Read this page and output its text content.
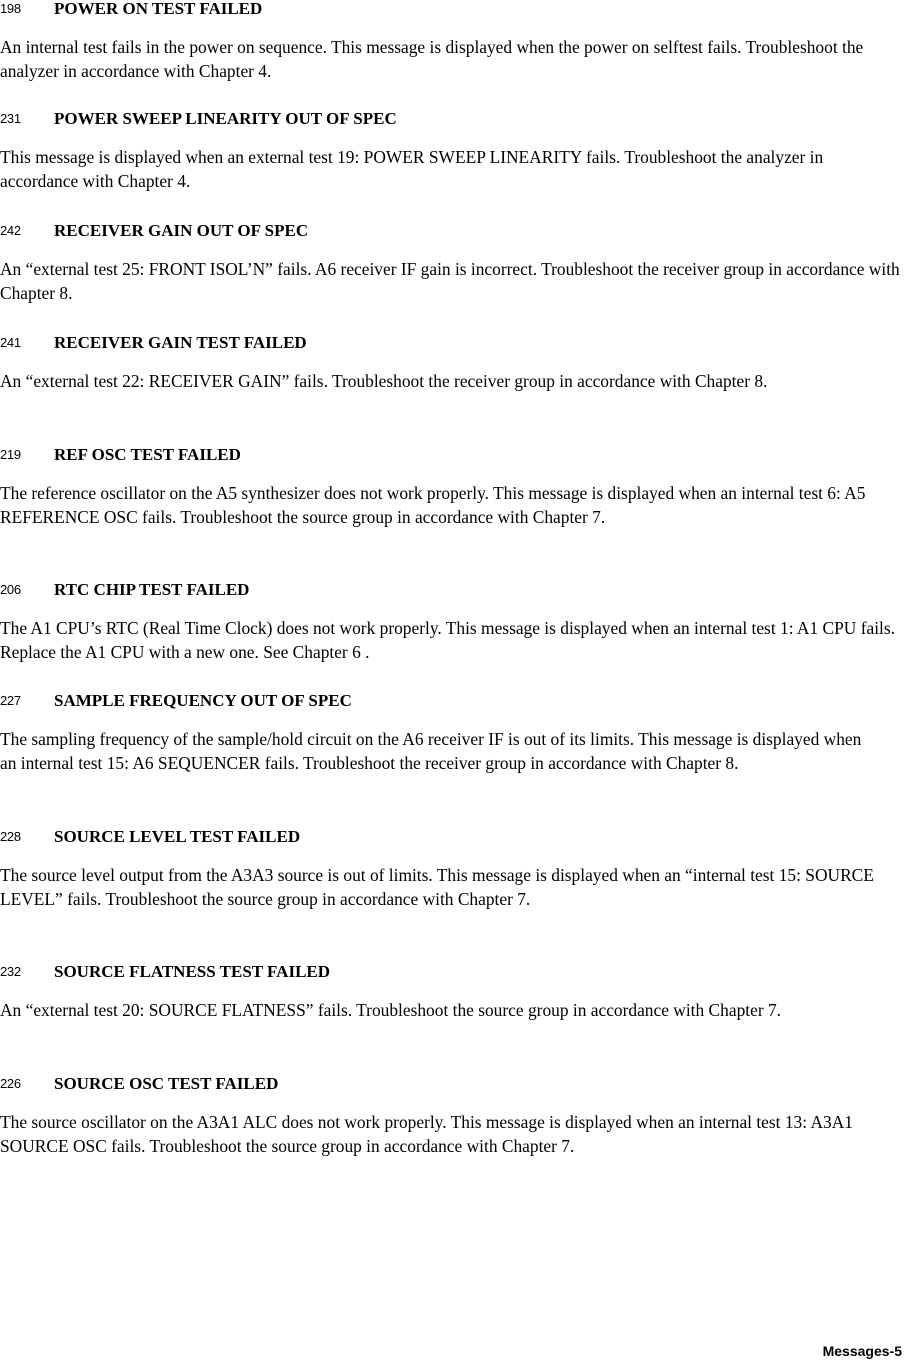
198 POWER ON TEST FAILED

An internal test fails in the power on sequence. This message is displayed when the power on selftest fails. Troubleshoot the analyzer in accordance with Chapter 4.

231 POWER SWEEP LINEARITY OUT OF SPEC

This message is displayed when an external test 19: POWER SWEEP LINEARITY fails. Troubleshoot the analyzer in accordance with Chapter 4.

242 RECEIVER GAIN OUT OF SPEC

An “external test 25: FRONT ISOL’N” fails. A6 receiver IF gain is incorrect. Troubleshoot the receiver group in accordance with Chapter 8.

241 RECEIVER GAIN TEST FAILED

An “external test 22: RECEIVER GAIN” fails. Troubleshoot the receiver group in accordance with Chapter 8.

219 REF OSC TEST FAILED

The reference oscillator on the A5 synthesizer does not work properly. This message is displayed when an internal test 6: A5 REFERENCE OSC fails. Troubleshoot the source group in accordance with Chapter 7.

206 RTC CHIP TEST FAILED

The A1 CPU’s RTC (Real Time Clock) does not work properly. This message is displayed when an internal test 1: A1 CPU fails. Replace the A1 CPU with a new one. See Chapter 6 .

227 SAMPLE FREQUENCY OUT OF SPEC

The sampling frequency of the sample/hold circuit on the A6 receiver IF is out of its limits. This message is displayed when an internal test 15: A6 SEQUENCER fails. Troubleshoot the receiver group in accordance with Chapter 8.

228 SOURCE LEVEL TEST FAILED

The source level output from the A3A3 source is out of limits. This message is displayed when an “internal test 15: SOURCE LEVEL” fails. Troubleshoot the source group in accordance with Chapter 7.

232 SOURCE FLATNESS TEST FAILED

An “external test 20: SOURCE FLATNESS” fails. Troubleshoot the source group in accordance with Chapter 7.

226 SOURCE OSC TEST FAILED

The source oscillator on the A3A1 ALC does not work properly. This message is displayed when an internal test 13: A3A1 SOURCE OSC fails. Troubleshoot the source group in accordance with Chapter 7.

Messages-5
